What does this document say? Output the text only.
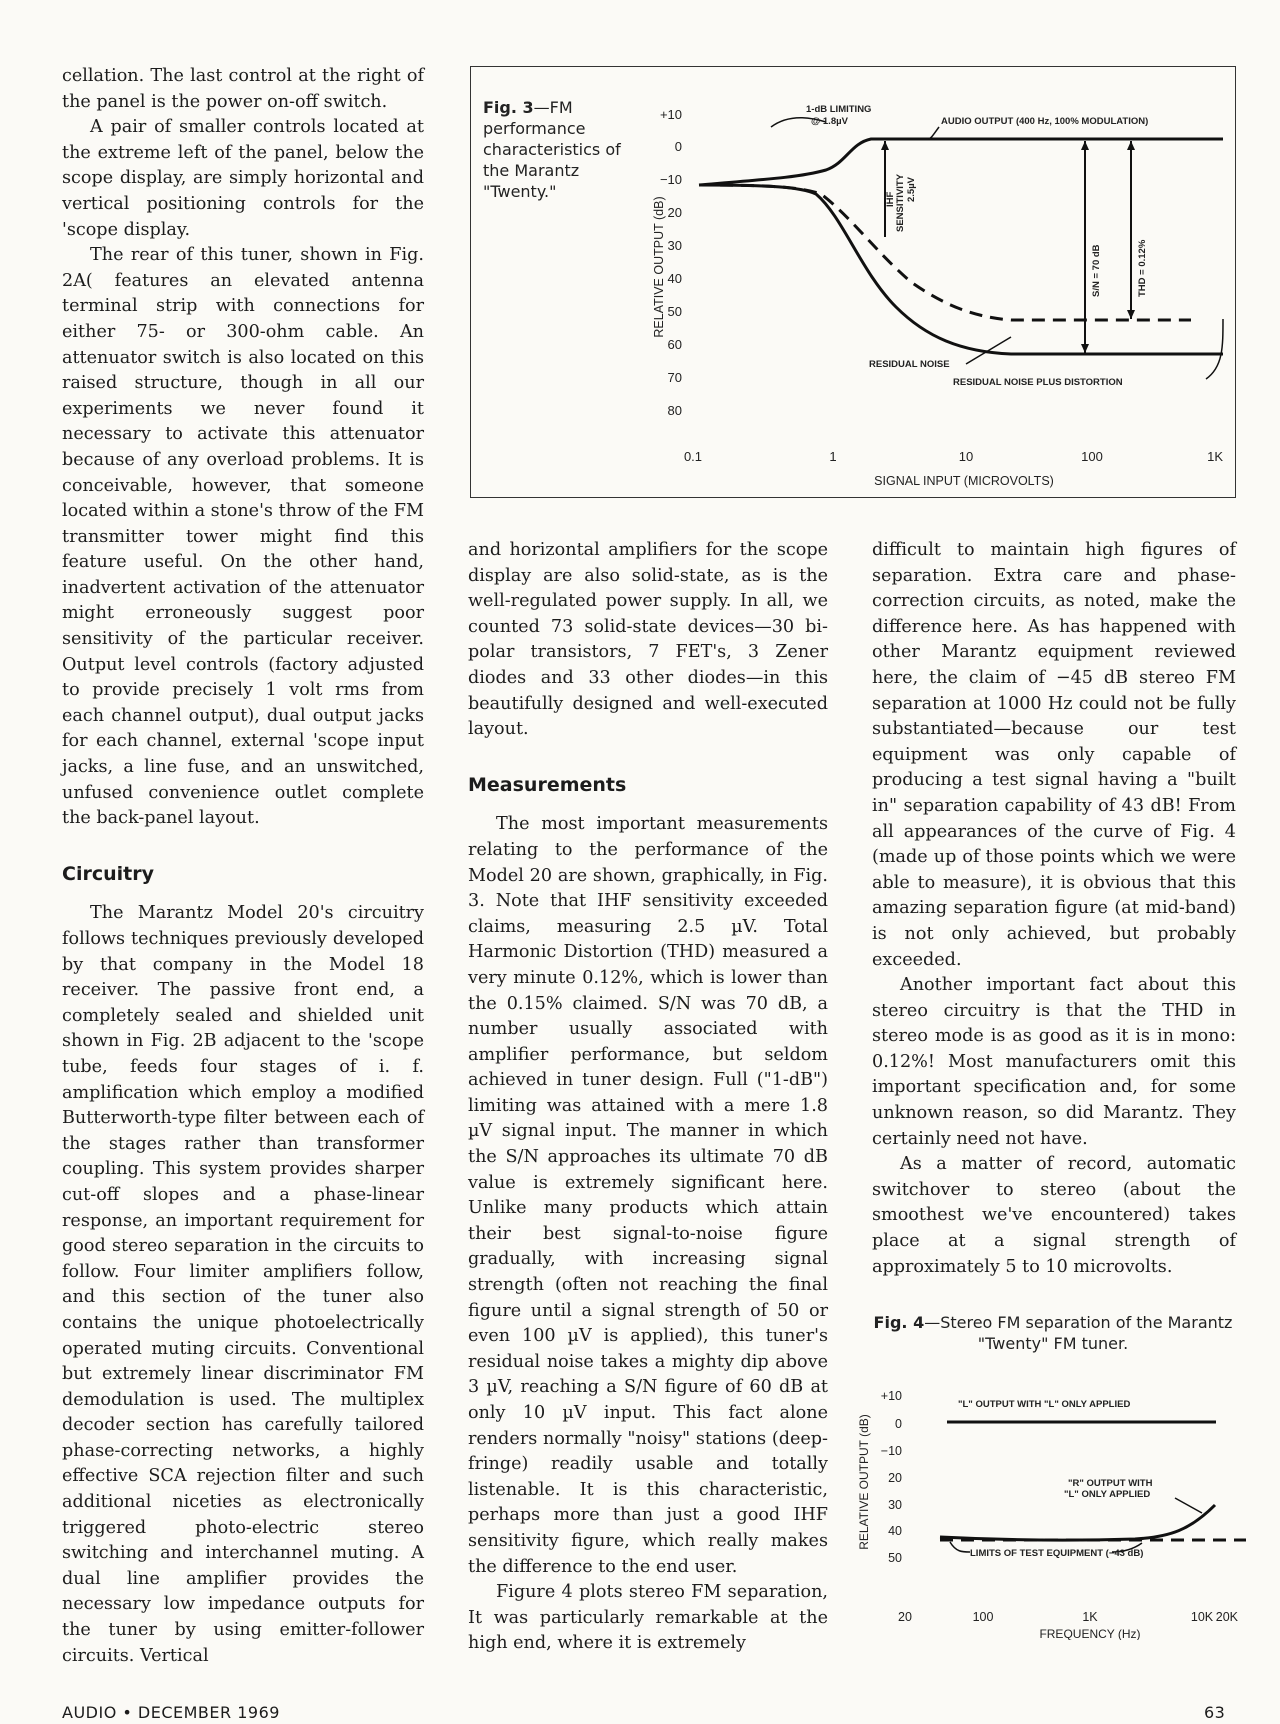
cellation. The last control at the right of the panel is the power on-off switch.

A pair of smaller controls located at the extreme left of the panel, below the scope display, are simply horizontal and vertical positioning controls for the 'scope display.

The rear of this tuner, shown in Fig. 2A( features an elevated antenna terminal strip with connections for either 75- or 300-ohm cable. An attenuator switch is also located on this raised structure, though in all our experiments we never found it necessary to activate this attenuator because of any overload problems. It is conceivable, however, that someone located within a stone's throw of the FM transmitter tower might find this feature useful. On the other hand, inadvertent activation of the attenuator might erroneously suggest poor sensitivity of the particular receiver. Output level controls (factory adjusted to provide precisely 1 volt rms from each channel output), dual output jacks for each channel, external 'scope input jacks, a line fuse, and an unswitched, unfused convenience outlet complete the back-panel layout.

Circuitry

The Marantz Model 20's circuitry follows techniques previously developed by that company in the Model 18 receiver. The passive front end, a completely sealed and shielded unit shown in Fig. 2B adjacent to the 'scope tube, feeds four stages of i. f. amplification which employ a modified Butterworth-type filter between each of the stages rather than transformer coupling. This system provides sharper cut-off slopes and a phase-linear response, an important requirement for good stereo separation in the circuits to follow. Four limiter amplifiers follow, and this section of the tuner also contains the unique photoelectrically operated muting circuits. Conventional but extremely linear discriminator FM demodulation is used. The multiplex decoder section has carefully tailored phase-correcting networks, a highly effective SCA rejection filter and such additional niceties as electronically triggered photo-electric stereo switching and interchannel muting. A dual line amplifier provides the necessary low impedance outputs for the tuner by using emitter-follower circuits. Vertical

Fig. 3—FM performance characteristics of the Marantz "Twenty."
+10
0
−10
20
30
40
50
60
70
80
0.1	1	10	100	1K
SIGNAL INPUT (MICROVOLTS)
RELATIVE OUTPUT (dB)
1-dB LIMITING
@ 1.8µV	AUDIO OUTPUT (400 Hz, 100% MODULATION)
IHF SENSITIVITY 2.5µV
S/N = 70 dB	THD = 0.12%
RESIDUAL NOISE
RESIDUAL NOISE PLUS DISTORTION

and horizontal amplifiers for the scope display are also solid-state, as is the well-regulated power supply. In all, we counted 73 solid-state devices—30 bi-polar transistors, 7 FET's, 3 Zener diodes and 33 other diodes—in this beautifully designed and well-executed layout.

Measurements

The most important measurements relating to the performance of the Model 20 are shown, graphically, in Fig. 3. Note that IHF sensitivity exceeded claims, measuring 2.5 µV. Total Harmonic Distortion (THD) measured a very minute 0.12%, which is lower than the 0.15% claimed. S/N was 70 dB, a number usually associated with amplifier performance, but seldom achieved in tuner design. Full ("1-dB") limiting was attained with a mere 1.8 µV signal input. The manner in which the S/N approaches its ultimate 70 dB value is extremely significant here. Unlike many products which attain their best signal-to-noise figure gradually, with increasing signal strength (often not reaching the final figure until a signal strength of 50 or even 100 µV is applied), this tuner's residual noise takes a mighty dip above 3 µV, reaching a S/N figure of 60 dB at only 10 µV input. This fact alone renders normally "noisy" stations (deep-fringe) readily usable and totally listenable. It is this characteristic, perhaps more than just a good IHF sensitivity figure, which really makes the difference to the end user.

Figure 4 plots stereo FM separation, It was particularly remarkable at the high end, where it is extremely

difficult to maintain high figures of separation. Extra care and phase-correction circuits, as noted, make the difference here. As has happened with other Marantz equipment reviewed here, the claim of −45 dB stereo FM separation at 1000 Hz could not be fully substantiated—because our test equipment was only capable of producing a test signal having a "built in" separation capability of 43 dB! From all appearances of the curve of Fig. 4 (made up of those points which we were able to measure), it is obvious that this amazing separation figure (at mid-band) is not only achieved, but probably exceeded.

Another important fact about this stereo circuitry is that the THD in stereo mode is as good as it is in mono: 0.12%! Most manufacturers omit this important specification and, for some unknown reason, so did Marantz. They certainly need not have.

As a matter of record, automatic switchover to stereo (about the smoothest we've encountered) takes place at a signal strength of approximately 5 to 10 microvolts.

Fig. 4—Stereo FM separation of the Marantz "Twenty" FM tuner.
+10
0
−10
20
30
40
50
20	100	1K	10K 20K
FREQUENCY (Hz)
RELATIVE OUTPUT (dB)
"L" OUTPUT WITH "L" ONLY APPLIED
"R" OUTPUT WITH
"L" ONLY APPLIED
LIMITS OF TEST EQUIPMENT (−43 dB)
AUDIO • DECEMBER 1969	63
